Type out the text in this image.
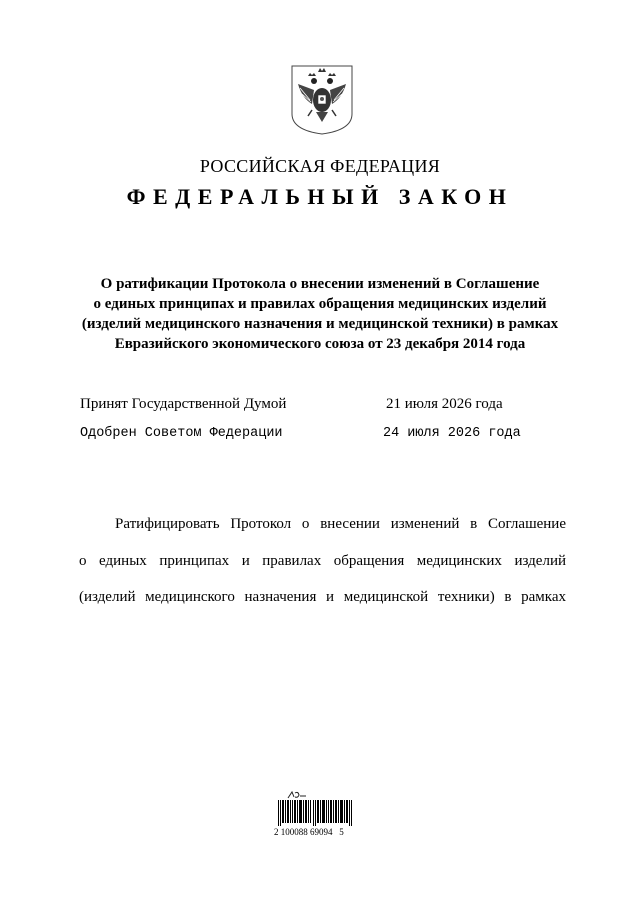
РОССИЙСКАЯ ФЕДЕРАЦИЯ
ФЕДЕРАЛЬНЫЙ ЗАКОН
О ратификации Протокола о внесении изменений в Соглашение
о единых принципах и правилах обращения медицинских изделий
(изделий медицинского назначения и медицинской техники) в рамках
Евразийского экономического союза от 23 декабря 2014 года
Принят Государственной Думой	21 июля 2026 года
Одобрен Советом Федерации	24 июля 2026 года

Ратифицировать Протокол о внесении изменений в Соглашение

о единых принципах и правилах обращения медицинских изделий

(изделий медицинского назначения и медицинской техники) в рамках

2 100088 69094   5
